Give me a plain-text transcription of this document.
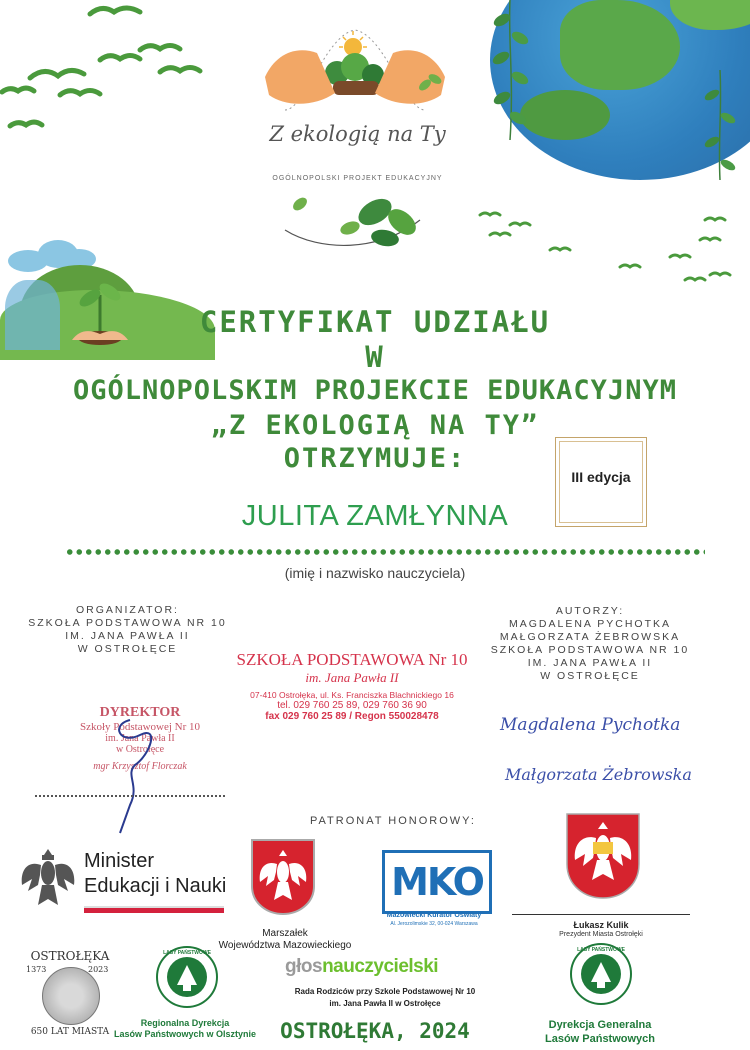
Z ekologią na Ty
OGÓLNOPOLSKI PROJEKT EDUKACYJNY
CERTYFIKAT UDZIAŁU
W
OGÓLNOPOLSKIM PROJEKCIE EDUKACYJNYM
„Z EKOLOGIĄ NA TY”
OTRZYMUJE:
III edycja
JULITA ZAMŁYNNA
(imię i nazwisko nauczyciela)
ORGANIZATOR:
SZKOŁA PODSTAWOWA NR 10
IM. JANA PAWŁA II
W OSTROŁĘCE
AUTORZY:
MAGDALENA PYCHOTKA
MAŁGORZATA ŻEBROWSKA
SZKOŁA PODSTAWOWA NR 10
IM. JANA PAWŁA II
W OSTROŁĘCE
SZKOŁA PODSTAWOWA Nr 10
im. Jana Pawła II
07-410 Ostrołęka, ul. Ks. Franciszka Blachnickiego 16
tel. 029 760 25 89, 029 760 36 90
fax 029 760 25 89 / Regon 550028478
DYREKTOR
Szkoły Podstawowej Nr 10
im. Jana Pawła II
w Ostrołęce
mgr Krzysztof Florczak
Magdalena Pychotka
Małgorzata Żebrowska
PATRONAT HONOROWY:
Minister
Edukacji i Nauki
Marszałek
Województwa Mazowieckiego
MKO
Mazowiecki Kurator Oświaty
Al. Jerozolimskie 32, 00-024 Warszawa	Łukasz Kulik
Prezydent Miasta Ostrołęki
OSTROŁĘKA
1373	2023
650 LAT MIASTA
LASY PAŃSTWOWE
Regionalna Dyrekcja
Lasów Państwowych w Olsztynie
głosnauczycielski
Rada Rodziców przy Szkole Podstawowej Nr 10
im. Jana Pawła II w Ostrołęce
OSTROŁĘKA, 2024
LASY PAŃSTWOWE
Dyrekcja Generalna
Lasów Państwowych
